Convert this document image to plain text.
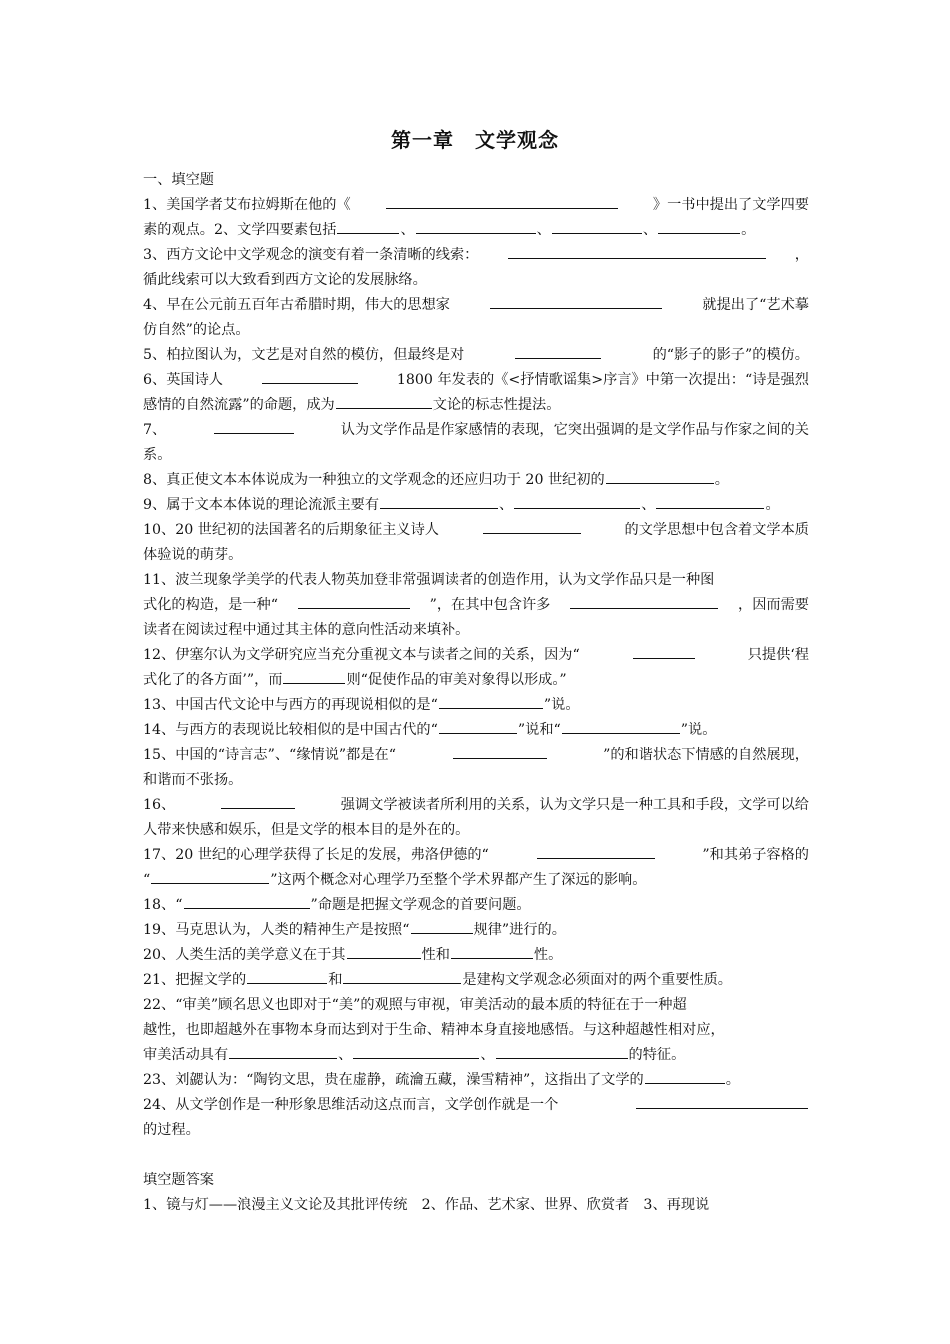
第一章　文学观念
一、填空题
1、美国学者艾布拉姆斯在他的《	》一书中提出了文学四要
素的观点。2、文学四要素包括	、	、	、	。
3、西方文论中文学观念的演变有着一条清晰的线索：	，
循此线索可以大致看到西方文论的发展脉络。
4、早在公元前五百年古希腊时期，伟大的思想家	就提出了“艺术摹
仿自然”的论点。
5、柏拉图认为，文艺是对自然的模仿，但最终是对	的“影子的影子”的模仿。
6、英国诗人	1800 年发表的《<抒情歌谣集>序言》中第一次提出：“诗是强烈
感情的自然流露”的命题，成为	文论的标志性提法。
7、	认为文学作品是作家感情的表现，它突出强调的是文学作品与作家之间的关
系。
8、真正使文本本体说成为一种独立的文学观念的还应归功于 20 世纪初的	。
9、属于文本本体说的理论流派主要有	、	、	。
10、20 世纪初的法国著名的后期象征主义诗人	的文学思想中包含着文学本质
体验说的萌芽。
11、波兰现象学美学的代表人物英加登非常强调读者的创造作用，认为文学作品只是一种图
式化的构造，是一种“	”，在其中包含许多	，因而需要
读者在阅读过程中通过其主体的意向性活动来填补。
12、伊塞尔认为文学研究应当充分重视文本与读者之间的关系，因为“	只提供‘程
式化了的各方面’”，而	则“促使作品的审美对象得以形成。”
13、中国古代文论中与西方的再现说相似的是“	”说。
14、与西方的表现说比较相似的是中国古代的“	”说和“	”说。
15、中国的“诗言志”、“缘情说”都是在“	”的和谐状态下情感的自然展现，
和谐而不张扬。
16、	强调文学被读者所利用的关系，认为文学只是一种工具和手段，文学可以给
人带来快感和娱乐，但是文学的根本目的是外在的。
17、20 世纪的心理学获得了长足的发展，弗洛伊德的“	”和其弟子容格的
“	”这两个概念对心理学乃至整个学术界都产生了深远的影响。
18、“	”命题是把握文学观念的首要问题。
19、马克思认为，人类的精神生产是按照“	规律”进行的。
20、人类生活的美学意义在于其	性和	性。
21、把握文学的	和	是建构文学观念必须面对的两个重要性质。
22、“审美”顾名思义也即对于“美”的观照与审视，审美活动的最本质的特征在于一种超
越性，也即超越外在事物本身而达到对于生命、精神本身直接地感悟。与这种超越性相对应，
审美活动具有	、	、	的特征。
23、刘勰认为：“陶钧文思，贵在虚静，疏瀹五藏，澡雪精神”，这指出了文学的	。
24、从文学创作是一种形象思维活动这点而言，文学创作就是一个
的过程。
填空题答案
1、镜与灯——浪漫主义文论及其批评传统　2、作品、艺术家、世界、欣赏者　3、再现说
